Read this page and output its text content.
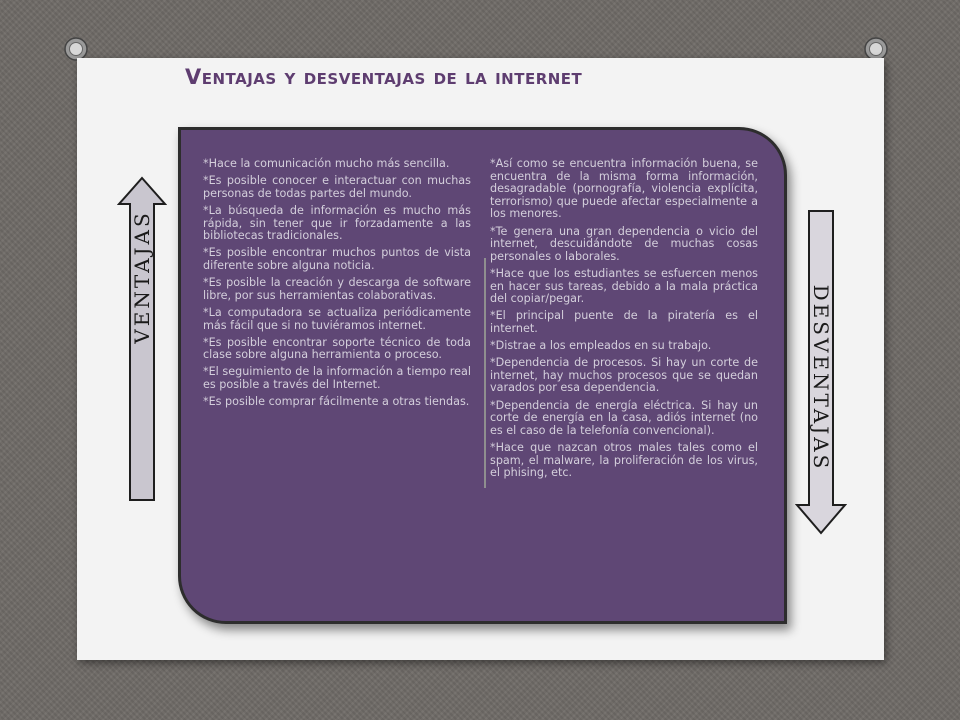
Ventajas y desventajas de la internet
*Hace la comunicación mucho más sencilla.
*Es posible conocer e interactuar con muchas personas de todas partes del mundo.
*La búsqueda de información es mucho más rápida, sin tener que ir forzadamente a las bibliotecas tradicionales.
*Es posible encontrar muchos puntos de vista diferente sobre alguna noticia.
*Es posible la creación y descarga de software libre, por sus herramientas colaborativas.
*La computadora se actualiza periódicamente más fácil que si no tuviéramos internet.
*Es posible encontrar soporte técnico de toda clase sobre alguna herramienta o proceso.
*El seguimiento de la información a tiempo real es posible a través del Internet.
*Es posible comprar fácilmente a otras tiendas.
*Así como se encuentra información buena, se encuentra de la misma forma información, desagradable (pornografía, violencia explícita, terrorismo) que puede afectar especialmente a los menores.
*Te genera una gran dependencia o vicio del internet, descuidándote de muchas cosas personales o laborales.
*Hace que los estudiantes se esfuercen menos en hacer sus tareas, debido a la mala práctica del copiar/pegar.
*El principal puente de la piratería es el internet.
*Distrae a los empleados en su trabajo.
*Dependencia de procesos. Si hay un corte de internet, hay muchos procesos que se quedan varados por esa dependencia.
*Dependencia de energía eléctrica. Si hay un corte de energía en la casa, adiós internet (no es el caso de la telefonía convencional).
*Hace que nazcan otros males tales como el spam, el malware, la proliferación de los virus, el phising, etc.
VENTAJAS
DESVENTAJAS
